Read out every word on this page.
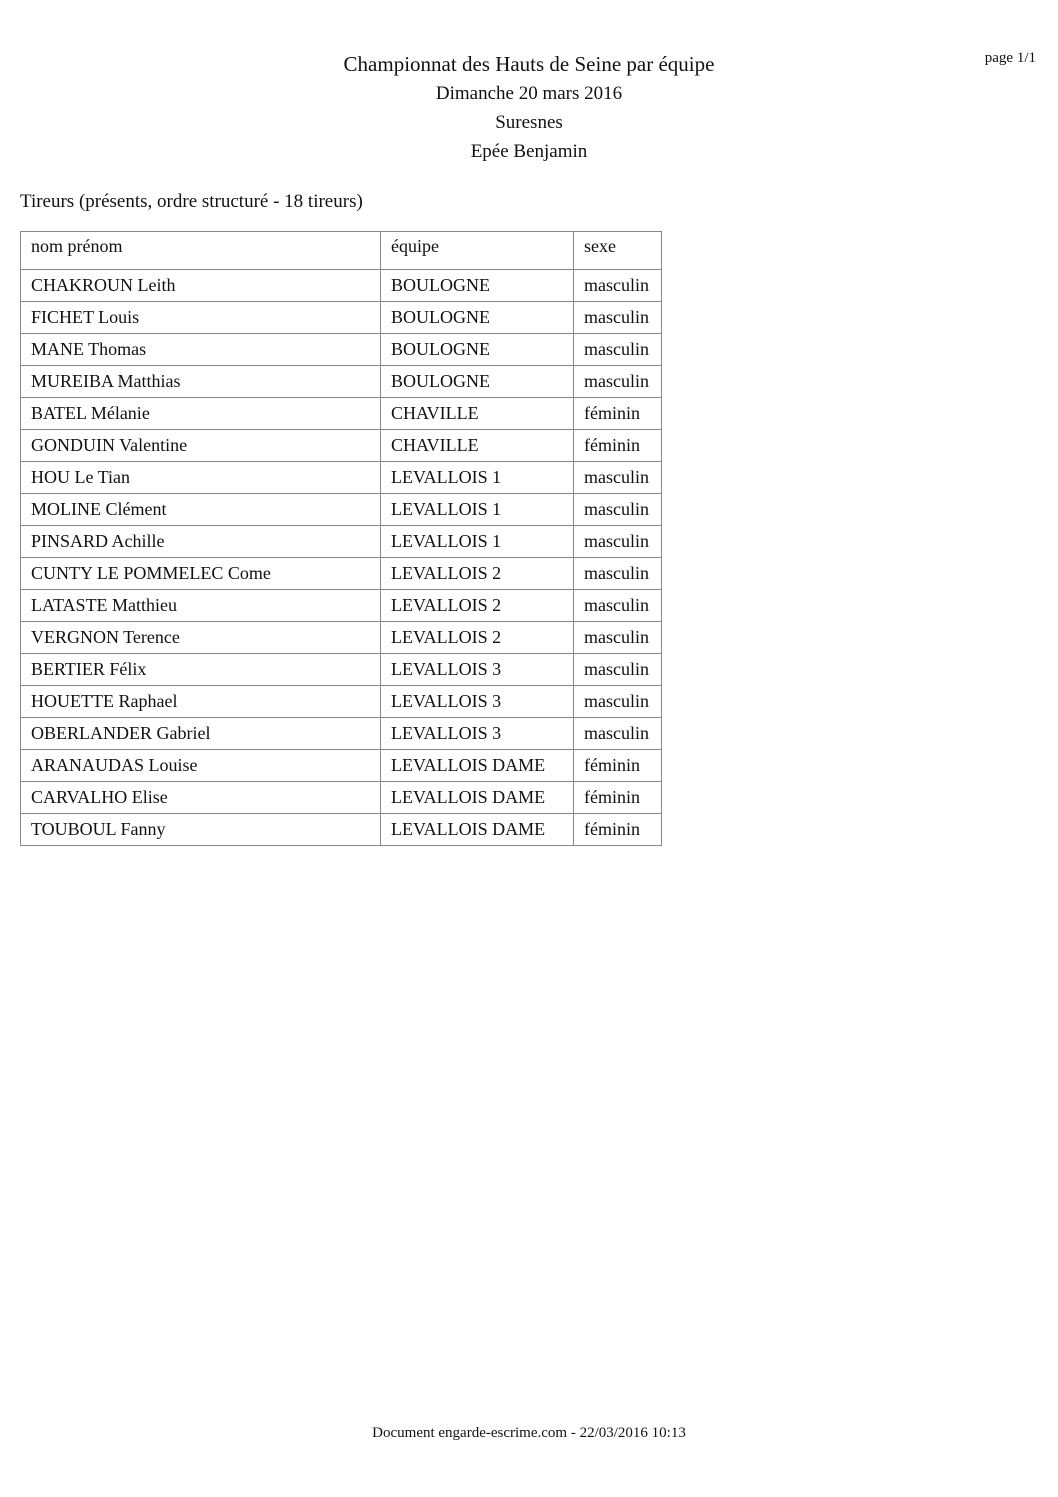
page 1/1
Championnat des Hauts de Seine par équipe
Dimanche 20 mars 2016
Suresnes
Epée Benjamin
Tireurs (présents, ordre structuré - 18 tireurs)
nom prénom	équipe	sexe
CHAKROUN Leith	BOULOGNE	masculin
FICHET Louis	BOULOGNE	masculin
MANE Thomas	BOULOGNE	masculin
MUREIBA Matthias	BOULOGNE	masculin
BATEL Mélanie	CHAVILLE	féminin
GONDUIN Valentine	CHAVILLE	féminin
HOU Le Tian	LEVALLOIS 1	masculin
MOLINE Clément	LEVALLOIS 1	masculin
PINSARD Achille	LEVALLOIS 1	masculin
CUNTY LE POMMELEC Come	LEVALLOIS 2	masculin
LATASTE Matthieu	LEVALLOIS 2	masculin
VERGNON Terence	LEVALLOIS 2	masculin
BERTIER Félix	LEVALLOIS 3	masculin
HOUETTE Raphael	LEVALLOIS 3	masculin
OBERLANDER Gabriel	LEVALLOIS 3	masculin
ARANAUDAS Louise	LEVALLOIS DAME	féminin
CARVALHO Elise	LEVALLOIS DAME	féminin
TOUBOUL Fanny	LEVALLOIS DAME	féminin
Document engarde-escrime.com - 22/03/2016 10:13
